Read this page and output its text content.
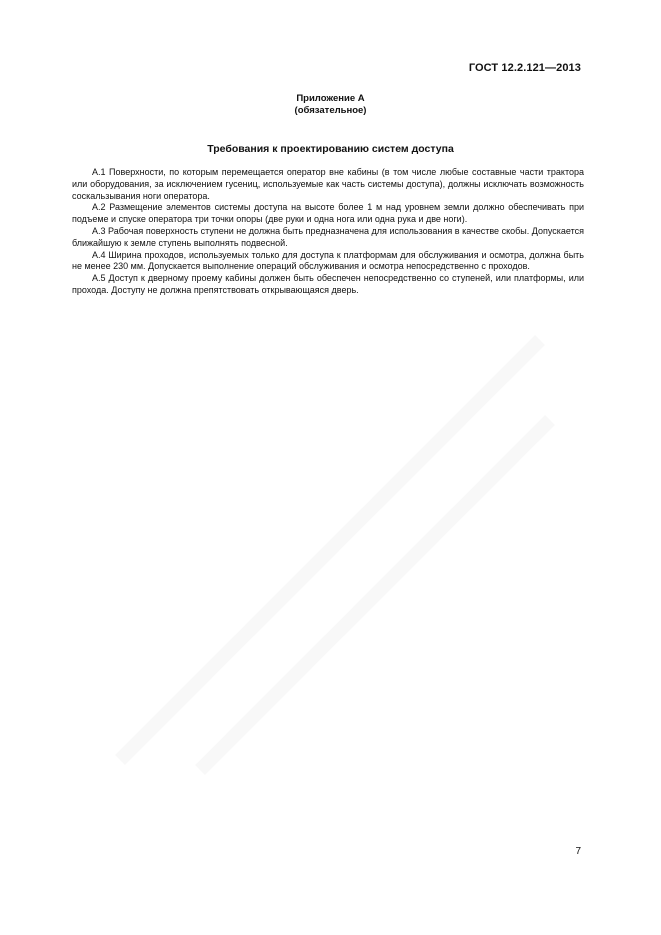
ГОСТ 12.2.121—2013
Приложение А
(обязательное)
Требования к проектированию систем доступа

А.1 Поверхности, по которым перемещается оператор вне кабины (в том числе любые составные части трактора или оборудования, за исключением гусениц, используемые как часть системы доступа), должны исключать возможность соскальзывания ноги оператора.

А.2 Размещение элементов системы доступа на высоте более 1 м над уровнем земли должно обеспечивать при подъеме и спуске оператора три точки опоры (две руки и одна нога или одна рука и две ноги).

А.3 Рабочая поверхность ступени не должна быть предназначена для использования в качестве скобы. Допускается ближайшую к земле ступень выполнять подвесной.

А.4 Ширина проходов, используемых только для доступа к платформам для обслуживания и осмотра, должна быть не менее 230 мм. Допускается выполнение операций обслуживания и осмотра непосредственно с проходов.

А.5 Доступ к дверному проему кабины должен быть обеспечен непосредственно со ступеней, или платформы, или прохода. Доступу не должна препятствовать открывающаяся дверь.

7
